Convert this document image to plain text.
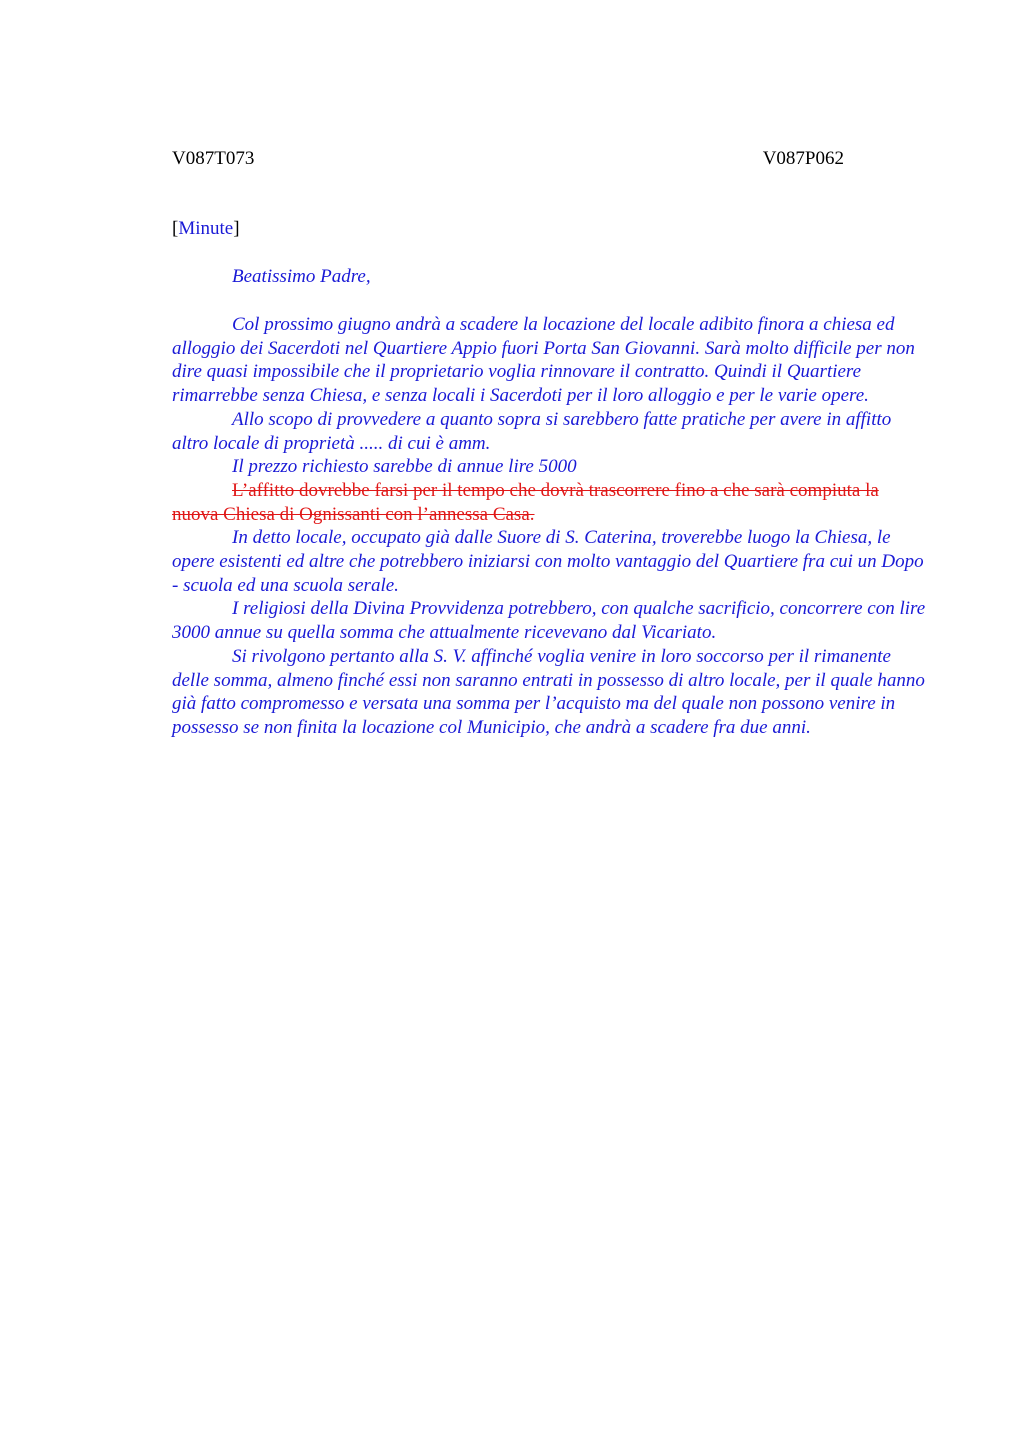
V087T073	V087P062
[Minute]
Beatissimo Padre,

Col prossimo giugno andrà a scadere la locazione del locale adibito finora a chiesa ed alloggio dei Sacerdoti nel Quartiere Appio fuori Porta San Giovanni. Sarà molto difficile per non dire quasi impossibile che il proprietario voglia rinnovare il contratto. Quindi il Quartiere rimarrebbe senza Chiesa, e senza locali i Sacerdoti per il loro alloggio e per le varie opere.

Allo scopo di provvedere a quanto sopra si sarebbero fatte pratiche per avere in affitto altro locale di proprietà ..... di cui è amm.

Il prezzo richiesto sarebbe di annue lire 5000

L’affitto dovrebbe farsi per il tempo che dovrà trascorrere fino a che sarà compiuta la nuova Chiesa di Ognissanti con l’annessa Casa.

In detto locale, occupato già dalle Suore di S. Caterina, troverebbe luogo la Chiesa, le opere esistenti ed altre che potrebbero iniziarsi con molto vantaggio del Quartiere fra cui un Dopo - scuola ed una scuola serale.

I religiosi della Divina Provvidenza potrebbero, con qualche sacrificio, concorrere con lire 3000 annue su quella somma che attualmente ricevevano dal Vicariato.

Si rivolgono pertanto alla S. V. affinché voglia venire in loro soccorso per il rimanente delle somma, almeno finché essi non saranno entrati in possesso di altro locale, per il quale hanno già fatto compromesso e versata una somma per l’acquisto ma del quale non possono venire in possesso se non finita la locazione col Municipio, che andrà a scadere fra due anni.
